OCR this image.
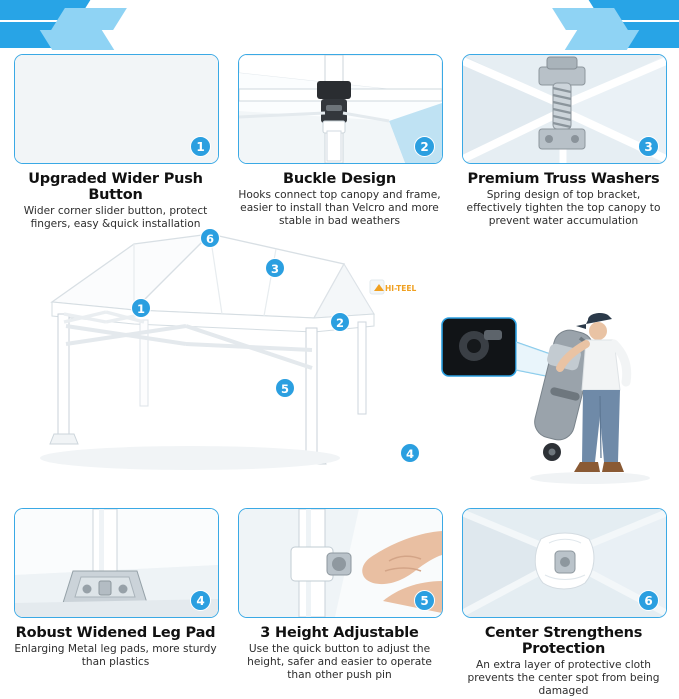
1
Upgraded Wider Push Button
Wider corner slider button, protect fingers, easy &quick installation
2
Buckle Design
Hooks connect top canopy and frame, easier to install than Velcro and more stable in bad weathers
3
Premium Truss Washers
Spring design of top bracket, effectively tighten the top canopy to prevent water accumulation
HI-TEEL
6
3
1
2
5
4
4
Robust Widened Leg Pad
Enlarging Metal leg pads, more sturdy than plastics
5
3 Height Adjustable
Use the quick button to adjust the height, safer and easier to operate than other push pin
6
Center Strengthens Protection
An extra layer of protective cloth prevents the center spot from being damaged
